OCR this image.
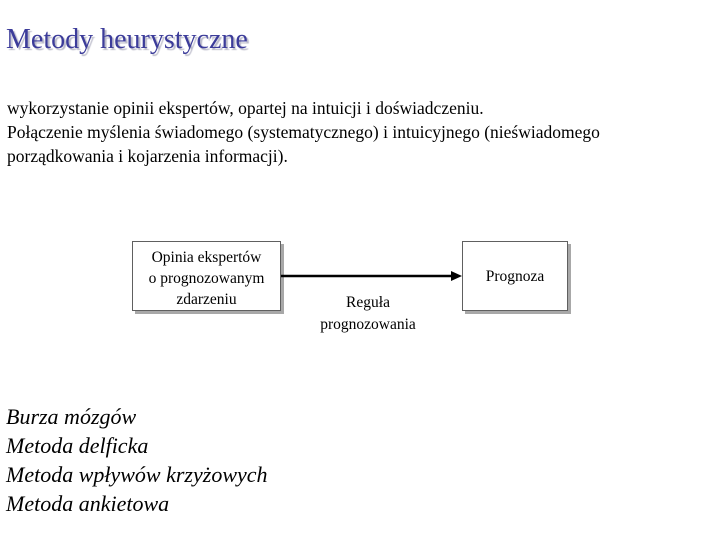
Metody heurystyczne
wykorzystanie opinii ekspertów, opartej na intuicji i doświadczeniu.
Połączenie myślenia świadomego (systematycznego) i intuicyjnego (nieświadomego
porządkowania i kojarzenia informacji).
Opinia ekspertów
o prognozowanym
zdarzeniu
Prognoza
Reguła
prognozowania
Burza mózgów
Metoda delficka
Metoda wpływów krzyżowych
Metoda ankietowa
